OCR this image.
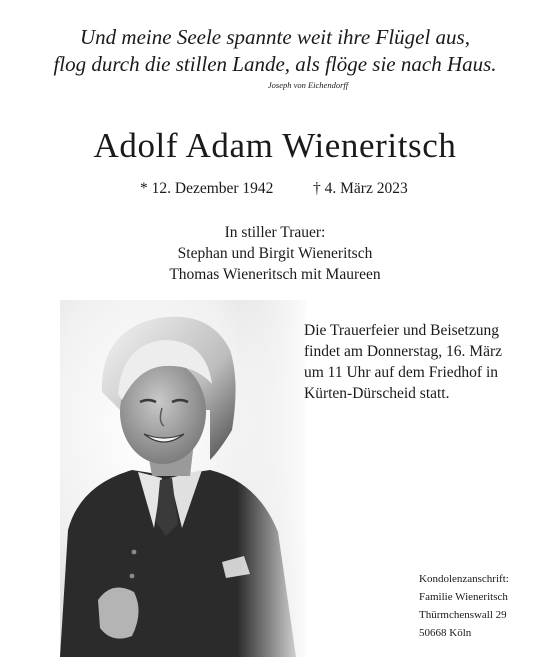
Und meine Seele spannte weit ihre Flügel aus,
flog durch die stillen Lande, als flöge sie nach Haus.
Joseph von Eichendorff
Adolf Adam Wieneritsch
* 12. Dezember 1942	† 4. März 2023
In stiller Trauer:
Stephan und Birgit Wieneritsch
Thomas Wieneritsch mit Maureen
Die Trauerfeier und Beisetzung
findet am Donnerstag, 16. März
um 11 Uhr auf dem Friedhof in
Kürten-Dürscheid statt.
Kondolenzanschrift:
Familie Wieneritsch
Thürmchenswall 29
50668 Köln
